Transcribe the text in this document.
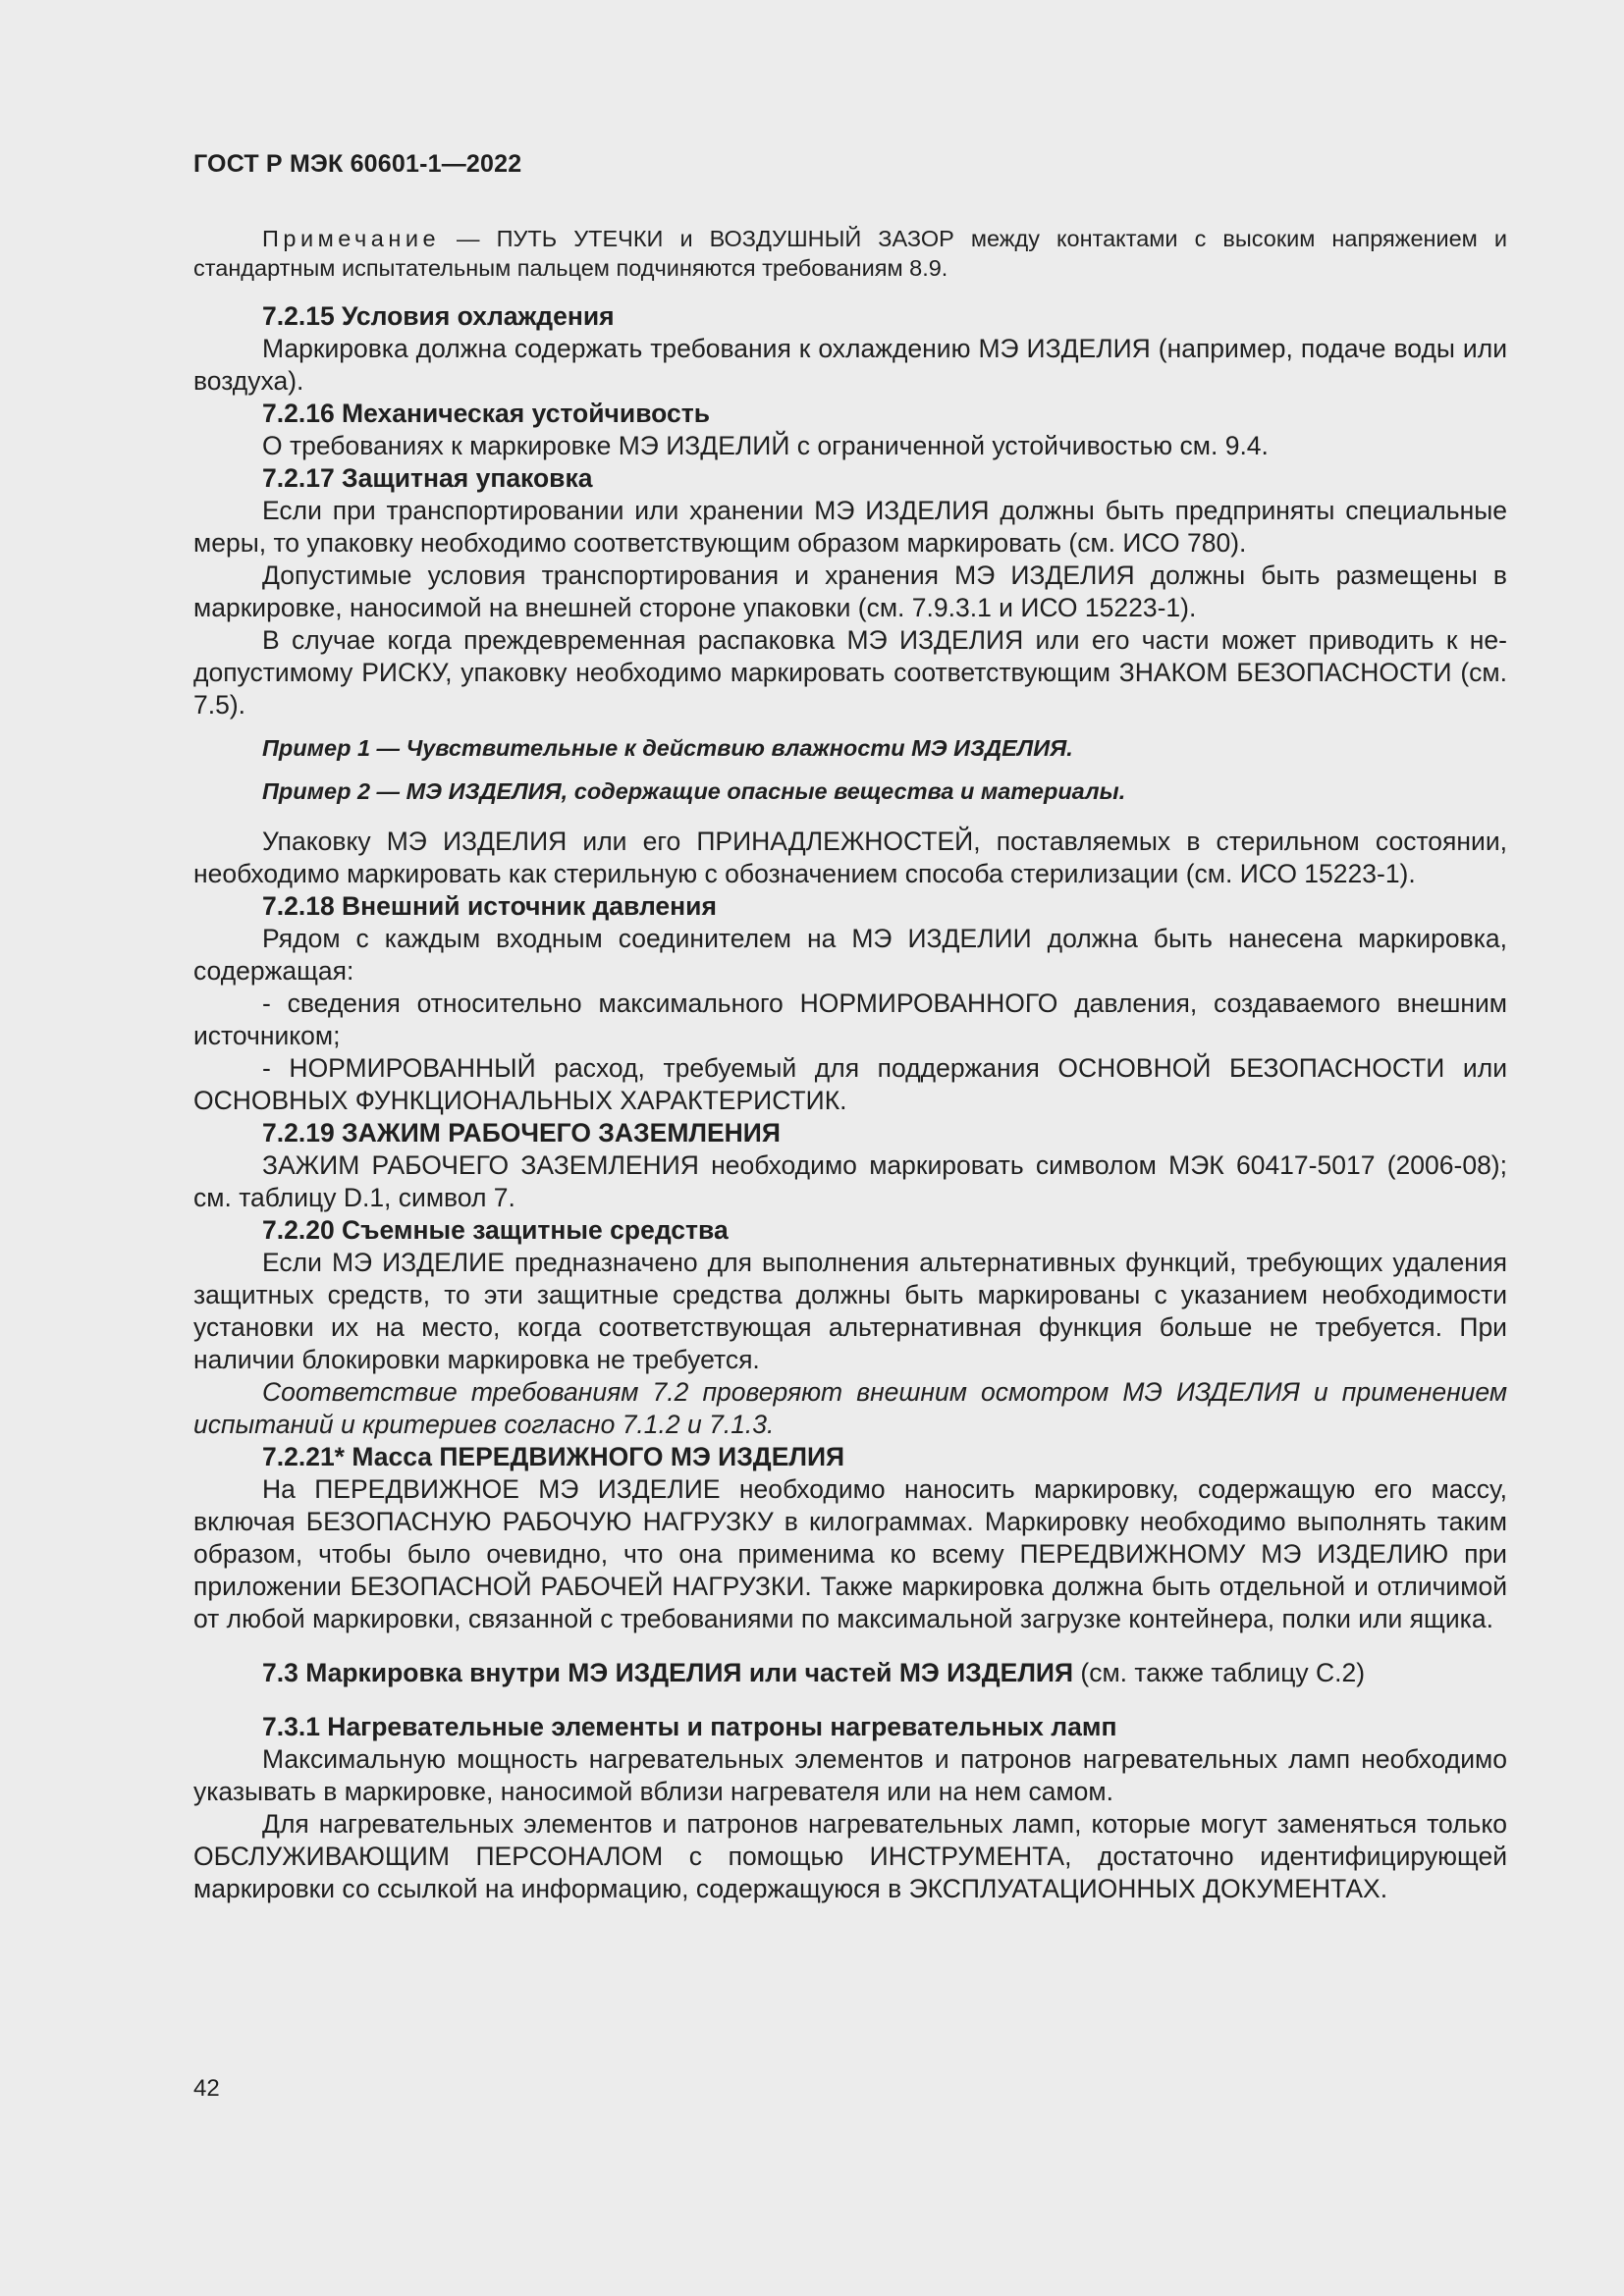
ГОСТ Р МЭК 60601-1—2022

Примечание — ПУТЬ УТЕЧКИ и ВОЗДУШНЫЙ ЗАЗОР между контактами с высоким напряжением и стандартным испытательным пальцем подчиняются требованиям 8.9.

7.2.15 Условия охлаждения

Маркировка должна содержать требования к охлаждению МЭ ИЗДЕЛИЯ (например, подаче воды или воздуха).

7.2.16 Механическая устойчивость

О требованиях к маркировке МЭ ИЗДЕЛИЙ с ограниченной устойчивостью см. 9.4.

7.2.17 Защитная упаковка

Если при транспортировании или хранении МЭ ИЗДЕЛИЯ должны быть предприняты специальные меры, то упаковку необходимо соответствующим образом маркировать (см. ИСО 780).

Допустимые условия транспортирования и хранения МЭ ИЗДЕЛИЯ должны быть размещены в маркировке, наносимой на внешней стороне упаковки (см. 7.9.3.1 и ИСО 15223-1).

В случае когда преждевременная распаковка МЭ ИЗДЕЛИЯ или его части может приводить к недопустимому РИСКУ, упаковку необходимо маркировать соответствующим ЗНАКОМ БЕЗОПАСНОСТИ (см. 7.5).

Пример 1 — Чувствительные к действию влажности МЭ ИЗДЕЛИЯ.

Пример 2 — МЭ ИЗДЕЛИЯ, содержащие опасные вещества и материалы.

Упаковку МЭ ИЗДЕЛИЯ или его ПРИНАДЛЕЖНОСТЕЙ, поставляемых в стерильном состоянии, необходимо маркировать как стерильную с обозначением способа стерилизации (см. ИСО 15223-1).

7.2.18 Внешний источник давления

Рядом с каждым входным соединителем на МЭ ИЗДЕЛИИ должна быть нанесена маркировка, содержащая:

- сведения относительно максимального НОРМИРОВАННОГО давления, создаваемого внешним источником;

- НОРМИРОВАННЫЙ расход, требуемый для поддержания ОСНОВНОЙ БЕЗОПАСНОСТИ или ОСНОВНЫХ ФУНКЦИОНАЛЬНЫХ ХАРАКТЕРИСТИК.

7.2.19 ЗАЖИМ РАБОЧЕГО ЗАЗЕМЛЕНИЯ

ЗАЖИМ РАБОЧЕГО ЗАЗЕМЛЕНИЯ необходимо маркировать символом МЭК 60417-5017 (2006-08); см. таблицу D.1, символ 7.

7.2.20 Съемные защитные средства

Если МЭ ИЗДЕЛИЕ предназначено для выполнения альтернативных функций, требующих удаления защитных средств, то эти защитные средства должны быть маркированы с указанием необходимости установки их на место, когда соответствующая альтернативная функция больше не требуется. При наличии блокировки маркировка не требуется.

Соответствие требованиям 7.2 проверяют внешним осмотром МЭ ИЗДЕЛИЯ и применением испытаний и критериев согласно 7.1.2 и 7.1.3.

7.2.21* Масса ПЕРЕДВИЖНОГО МЭ ИЗДЕЛИЯ

На ПЕРЕДВИЖНОЕ МЭ ИЗДЕЛИЕ необходимо наносить маркировку, содержащую его массу, включая БЕЗОПАСНУЮ РАБОЧУЮ НАГРУЗКУ в килограммах. Маркировку необходимо выполнять таким образом, чтобы было очевидно, что она применима ко всему ПЕРЕДВИЖНОМУ МЭ ИЗДЕЛИЮ при приложении БЕЗОПАСНОЙ РАБОЧЕЙ НАГРУЗКИ. Также маркировка должна быть отдельной и отличимой от любой маркировки, связанной с требованиями по максимальной загрузке контейнера, полки или ящика.

7.3 Маркировка внутри МЭ ИЗДЕЛИЯ или частей МЭ ИЗДЕЛИЯ (см. также таблицу С.2)

7.3.1 Нагревательные элементы и патроны нагревательных ламп

Максимальную мощность нагревательных элементов и патронов нагревательных ламп необходимо указывать в маркировке, наносимой вблизи нагревателя или на нем самом.

Для нагревательных элементов и патронов нагревательных ламп, которые могут заменяться только ОБСЛУЖИВАЮЩИМ ПЕРСОНАЛОМ с помощью ИНСТРУМЕНТА, достаточно идентифицирующей маркировки со ссылкой на информацию, содержащуюся в ЭКСПЛУАТАЦИОННЫХ ДОКУМЕНТАХ.

42
